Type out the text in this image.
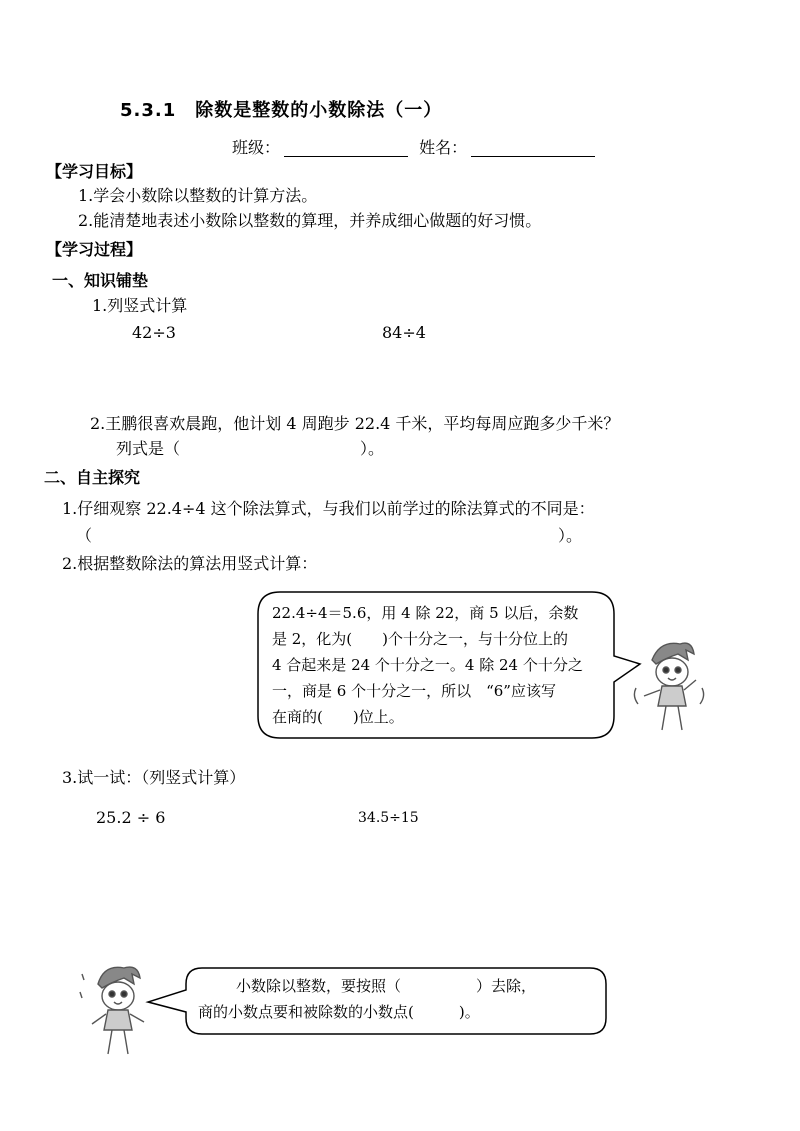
5.3.1　除数是整数的小数除法（一）
班级：	姓名：
【学习目标】
1.学会小数除以整数的计算方法。
2.能清楚地表述小数除以整数的算理，并养成细心做题的好习惯。
【学习过程】
一、知识铺垫
1.列竖式计算
42÷3	84÷4
2.王鹏很喜欢晨跑，他计划 4 周跑步 22.4 千米，平均每周应跑多少千米？
列式是（	）。
二、自主探究
1.仔细观察 22.4÷4 这个除法算式，与我们以前学过的除法算式的不同是：
（	）。
2.根据整数除法的算法用竖式计算：
22.4÷4＝5.6，用 4 除 22，商 5 以后，余数
是 2，化为(　　)个十分之一，与十分位上的
4 合起来是 24 个十分之一。4 除 24 个十分之
一，商是 6 个十分之一，所以　“6”应该写
在商的(　　)位上。
3.试一试：（列竖式计算）
25.2 ÷ 6	34.5÷15
小数除以整数，要按照（　　　　　）去除，
商的小数点要和被除数的小数点(　　　)。
